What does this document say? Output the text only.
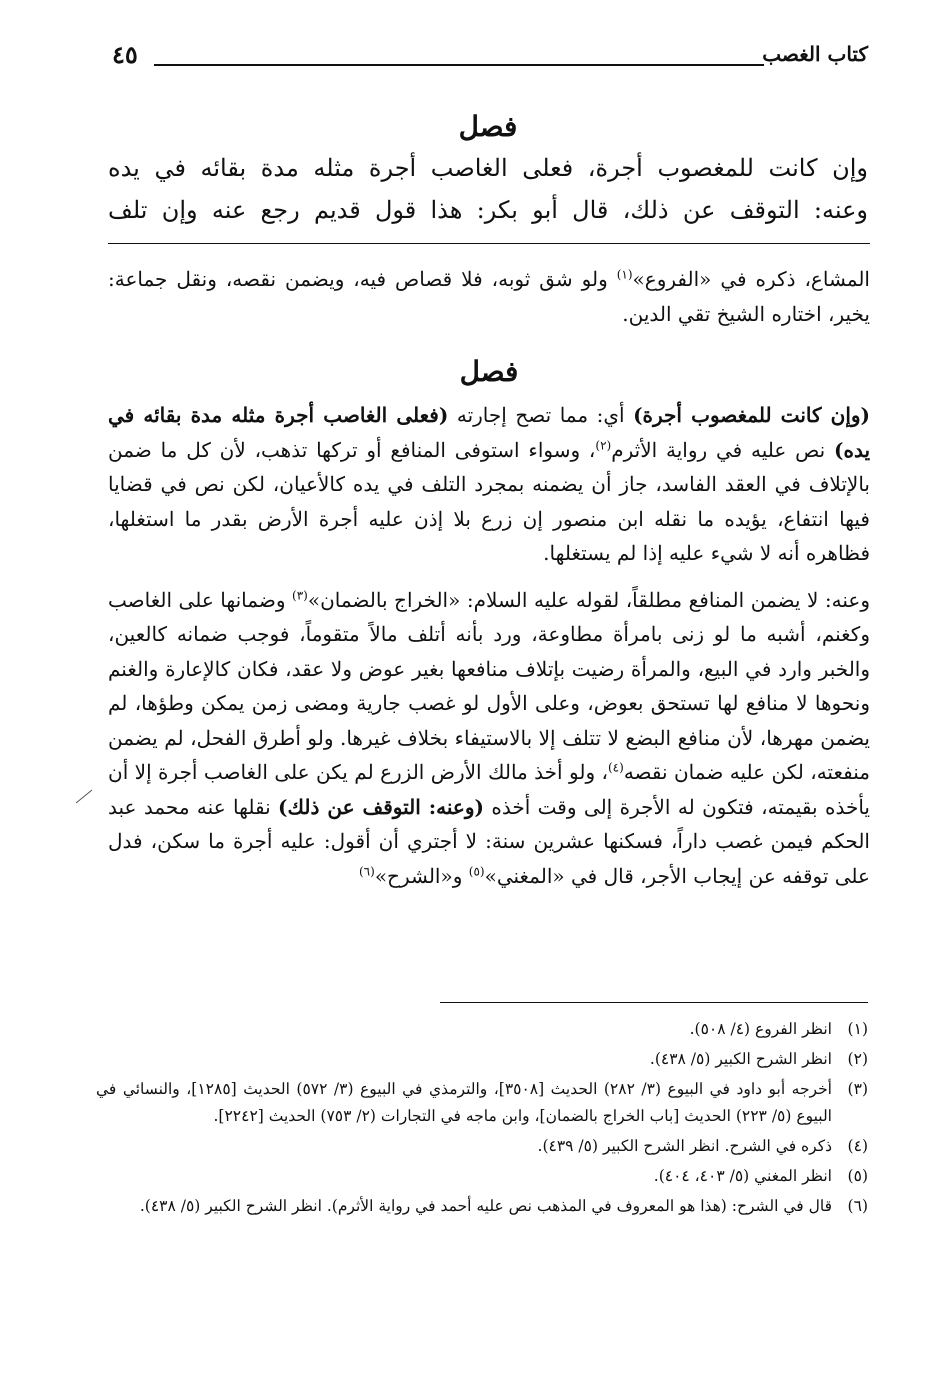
كتاب الغصب
٤٥
فصل
وإن كانت للمغصوب أجرة، فعلى الغاصب أجرة مثله مدة بقائه في يده
وعنه: التوقف عن ذلك، قال أبو بكر: هذا قول قديم رجع عنه وإن تلف

المشاع، ذكره في «الفروع»$^{(١)}$ ولو شق ثوبه، فلا قصاص فيه، ويضمن نقصه، ونقل جماعة: يخير، اختاره الشيخ تقي الدين.

فصل

(وإن كانت للمغصوب أجرة) أي: مما تصح إجارته (فعلى الغاصب أجرة مثله مدة بقائه في يده) نص عليه في رواية الأثرم$^{(٢)}$، وسواء استوفى المنافع أو تركها تذهب، لأن كل ما ضمن بالإتلاف في العقد الفاسد، جاز أن يضمنه بمجرد التلف في يده كالأعيان، لكن نص في قضايا فيها انتفاع، يؤيده ما نقله ابن منصور إن زرع بلا إذن عليه أجرة الأرض بقدر ما استغلها، فظاهره أنه لا شيء عليه إذا لم يستغلها.

وعنه: لا يضمن المنافع مطلقاً، لقوله عليه السلام: «الخراج بالضمان»$^{(٣)}$ وضمانها على الغاصب وكغنم، أشبه ما لو زنى بامرأة مطاوعة، ورد بأنه أتلف مالاً متقوماً، فوجب ضمانه كالعين، والخبر وارد في البيع، والمرأة رضيت بإتلاف منافعها بغير عوض ولا عقد، فكان كالإعارة والغنم ونحوها لا منافع لها تستحق بعوض، وعلى الأول لو غصب جارية ومضى زمن يمكن وطؤها، لم يضمن مهرها، لأن منافع البضع لا تتلف إلا بالاستيفاء بخلاف غيرها. ولو أطرق الفحل، لم يضمن منفعته، لكن عليه ضمان نقصه$^{(٤)}$، ولو أخذ مالك الأرض الزرع لم يكن على الغاصب أجرة إلا أن يأخذه بقيمته، فتكون له الأجرة إلى وقت أخذه (وعنه: التوقف عن ذلك) نقلها عنه محمد عبد الحكم فيمن غصب داراً، فسكنها عشرين سنة: لا أجتري أن أقول: عليه أجرة ما سكن، فدل على توقفه عن إيجاب الأجر، قال في «المغني»$^{(٥)}$ و«الشرح»$^{(٦)}$

(١)
انظر الفروع (٤/ ٥٠٨).
(٢)
انظر الشرح الكبير (٥/ ٤٣٨).
(٣)
أخرجه أبو داود في البيوع (٣/ ٢٨٢) الحديث [٣٥٠٨]، والترمذي في البيوع (٣/ ٥٧٢) الحديث [١٢٨٥]، والنسائي في البيوع (٥/ ٢٢٣) الحديث [باب الخراج بالضمان]، وابن ماجه في التجارات (٢/ ٧٥٣) الحديث [٢٢٤٢].
(٤)
ذكره في الشرح. انظر الشرح الكبير (٥/ ٤٣٩).
(٥)
انظر المغني (٥/ ٤٠٣، ٤٠٤).
(٦)
قال في الشرح: (هذا هو المعروف في المذهب نص عليه أحمد في رواية الأثرم). انظر الشرح الكبير (٥/ ٤٣٨).
